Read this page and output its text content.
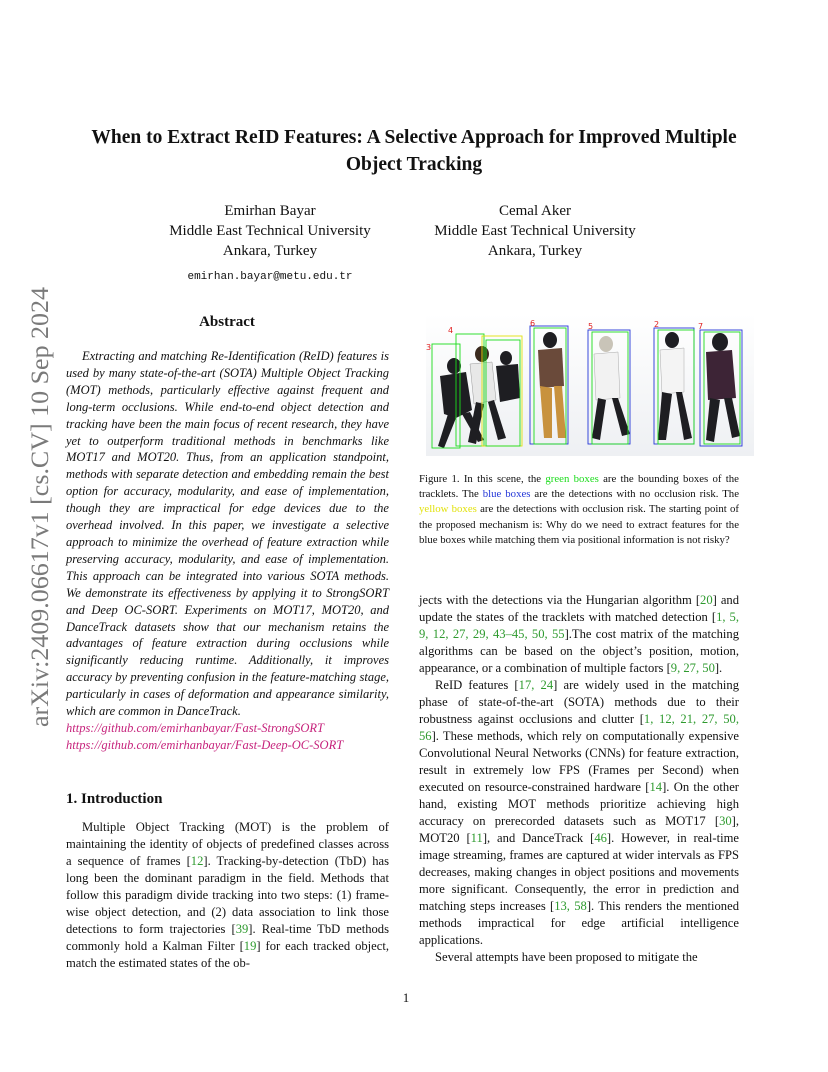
arXiv:2409.06617v1 [cs.CV] 10 Sep 2024
When to Extract ReID Features: A Selective Approach for Improved Multiple
Object Tracking
Emirhan Bayar
Middle East Technical University
Ankara, Turkey
emirhan.bayar@metu.edu.tr
Cemal Aker
Middle East Technical University
Ankara, Turkey
Abstract

Extracting and matching Re-Identification (ReID) features is used by many state-of-the-art (SOTA) Multiple Object Tracking (MOT) methods, particularly effective against frequent and long-term occlusions. While end-to-end object detection and tracking have been the main focus of recent research, they have yet to outperform traditional methods in benchmarks like MOT17 and MOT20. Thus, from an application standpoint, methods with separate detection and embedding remain the best option for accuracy, modularity, and ease of implementation, though they are impractical for edge devices due to the overhead involved. In this paper, we investigate a selective approach to minimize the overhead of feature extraction while preserving accuracy, modularity, and ease of implementation. This approach can be integrated into various SOTA methods. We demonstrate its effectiveness by applying it to StrongSORT and Deep OC-SORT. Experiments on MOT17, MOT20, and DanceTrack datasets show that our mechanism retains the advantages of feature extraction during occlusions while significantly reducing runtime. Additionally, it improves accuracy by preventing confusion in the feature-matching stage, particularly in cases of deformation and appearance similarity, which are common in DanceTrack.

https://github.com/emirhanbayar/Fast-StrongSORT
https://github.com/emirhanbayar/Fast-Deep-OC-SORT
1. Introduction

Multiple Object Tracking (MOT) is the problem of maintaining the identity of objects of predefined classes across a sequence of frames [12]. Tracking-by-detection (TbD) has long been the dominant paradigm in the field. Methods that follow this paradigm divide tracking into two steps: (1) frame-wise object detection, and (2) data association to link those detections to form trajectories [39]. Real-time TbD methods commonly hold a Kalman Filter [19] for each tracked object, match the estimated states of the ob-

4
3
6	5	2	7
Figure 1. In this scene, the green boxes are the bounding boxes of the tracklets. The blue boxes are the detections with no occlusion risk. The yellow boxes are the detections with occlusion risk. The starting point of the proposed mechanism is: Why do we need to extract features for the blue boxes while matching them via positional information is not risky?

jects with the detections via the Hungarian algorithm [20] and update the states of the tracklets with matched detection [1, 5, 9, 12, 27, 29, 43–45, 50, 55].The cost matrix of the matching algorithms can be based on the object’s position, motion, appearance, or a combination of multiple factors [9, 27, 50].

ReID features [17, 24] are widely used in the matching phase of state-of-the-art (SOTA) methods due to their robustness against occlusions and clutter [1, 12, 21, 27, 50, 56]. These methods, which rely on computationally expensive Convolutional Neural Networks (CNNs) for feature extraction, result in extremely low FPS (Frames per Second) when executed on resource-constrained hardware [14]. On the other hand, existing MOT methods prioritize achieving high accuracy on prerecorded datasets such as MOT17 [30], MOT20 [11], and DanceTrack [46]. However, in real-time image streaming, frames are captured at wider intervals as FPS decreases, making changes in object positions and movements more significant. Consequently, the error in prediction and matching steps increases [13, 58]. This renders the mentioned methods impractical for edge artificial intelligence applications.

Several attempts have been proposed to mitigate the

1
